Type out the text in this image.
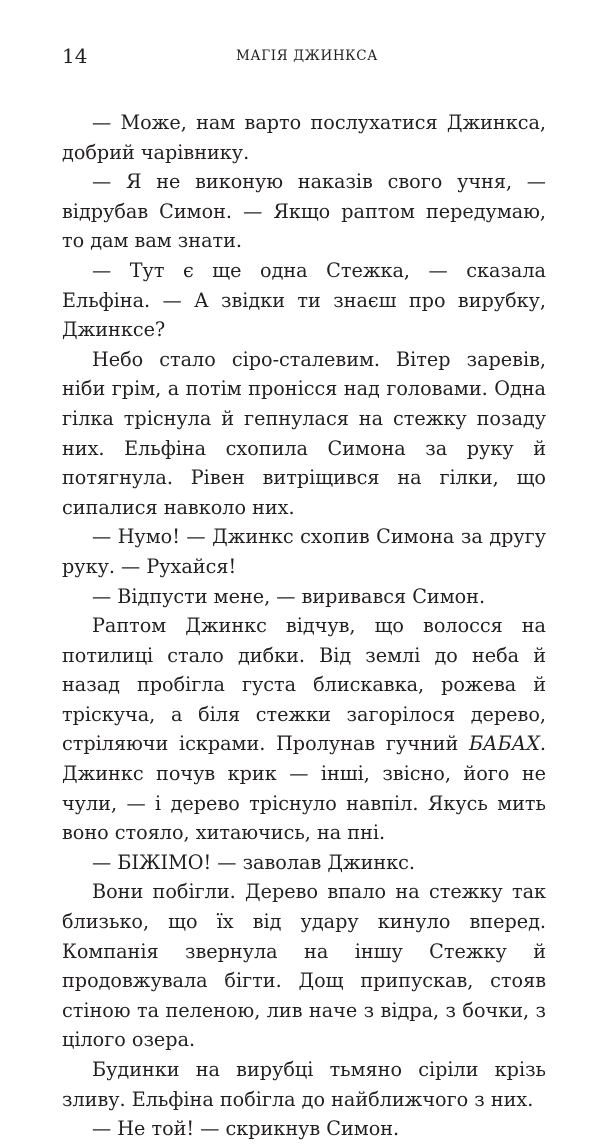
14	МАГІЯ ДЖИНКСА

— Може, нам варто послухатися Джинкса, добрий чарівнику.

— Я не виконую наказів свого учня, — відрубав Симон. — Якщо раптом передумаю, то дам вам знати.

— Тут є ще одна Стежка, — сказала Ельфіна. — А звідки ти знаєш про вирубку, Джинксе?

Небо стало сіро-сталевим. Вітер заревів, ніби грім, а потім пронісся над головами. Одна гілка тріснула й гепнулася на стежку позаду них. Ельфіна схопила Симона за руку й потягнула. Рівен витріщився на гілки, що сипалися навколо них.

— Нумо! — Джинкс схопив Симона за другу руку. — Рухайся!

— Відпусти мене, — виривався Симон.

Раптом Джинкс відчув, що волосся на потилиці стало дибки. Від землі до неба й назад пробігла густа блискавка, рожева й тріскуча, а біля стежки загорілося дерево, стріляючи іскрами. Пролунав гучний БАБАХ. Джинкс почув крик — інші, звісно, його не чули, — і дерево тріснуло навпіл. Якусь мить воно стояло, хитаючись, на пні.

— БІЖІМО! — заволав Джинкс.

Вони побігли. Дерево впало на стежку так близько, що їх від удару кинуло вперед. Компанія звернула на іншу Стежку й продовжувала бігти. Дощ припускав, стояв стіною та пеленою, лив наче з відра, з бочки, з цілого озера.

Будинки на вирубці тьмяно сіріли крізь зливу. Ельфіна побігла до найближчого з них.

— Не той! — скрикнув Симон.
